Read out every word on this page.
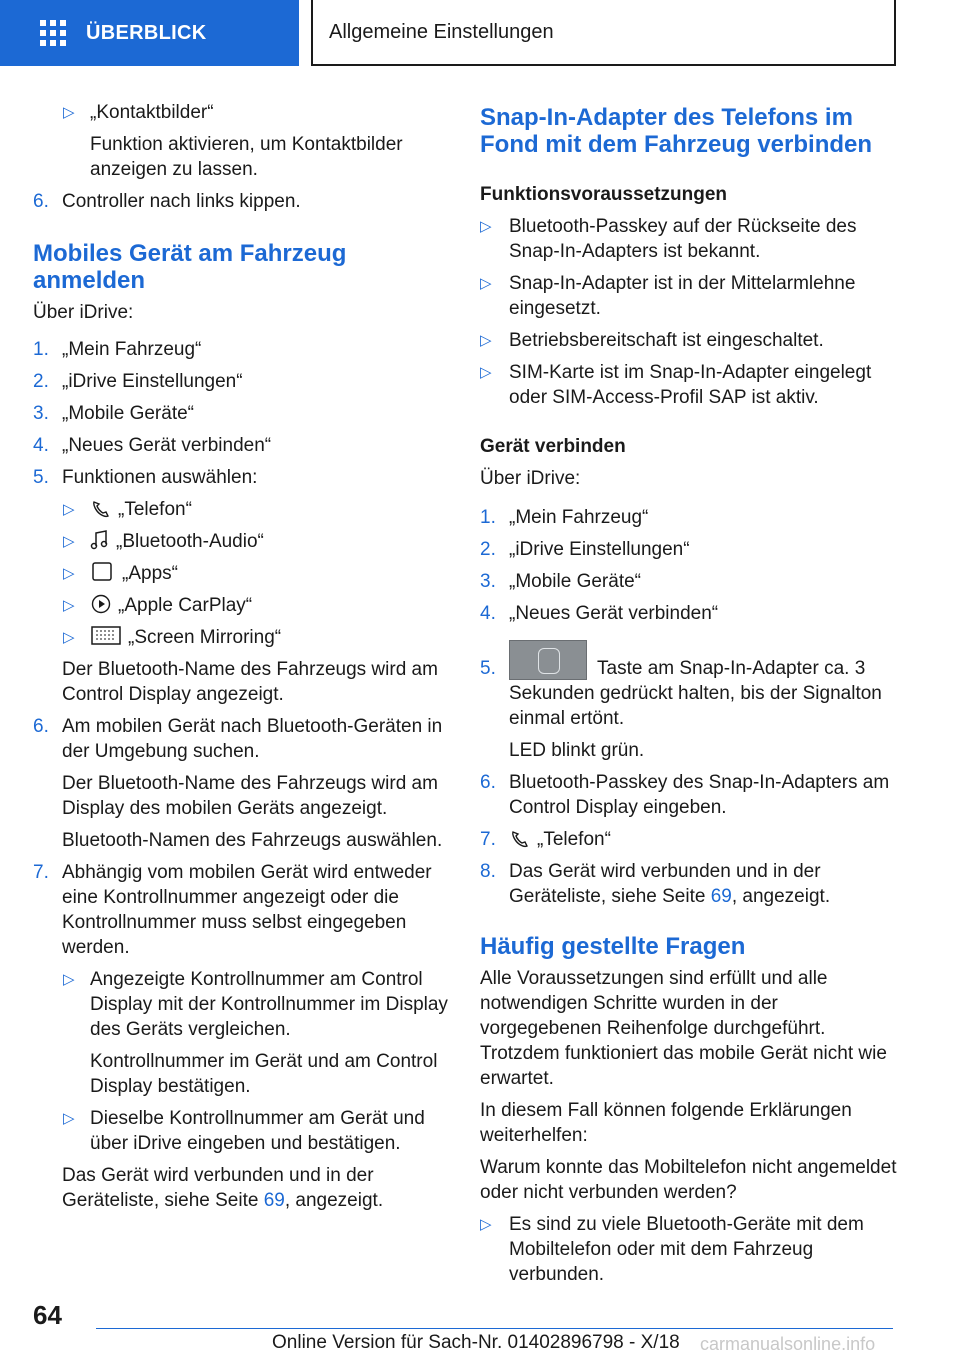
ÜBERBLICK	Allgemeine Einstellungen
▷ „Kontaktbilder“
Funktion aktivieren, um Kontaktbilder anzeigen zu lassen.
6. Controller nach links kippen.
Mobiles Gerät am Fahrzeug anmelden
Über iDrive:
1. „Mein Fahrzeug“
2. „iDrive Einstellungen“
3. „Mobile Geräte“
4. „Neues Gerät verbinden“
5. Funktionen auswählen:
▷ „Telefon“
▷ „Bluetooth-Audio“
▷ „Apps“
▷ „Apple CarPlay“
▷	„Screen Mirroring“
Der Bluetooth-Name des Fahrzeugs wird am Control Display angezeigt.
6. Am mobilen Gerät nach Bluetooth-Geräten in der Umgebung suchen.
Der Bluetooth-Name des Fahrzeugs wird am Display des mobilen Geräts angezeigt.
Bluetooth-Namen des Fahrzeugs auswählen.
7. Abhängig vom mobilen Gerät wird entweder eine Kontrollnummer angezeigt oder die Kontrollnummer muss selbst eingegeben werden.
▷ Angezeigte Kontrollnummer am Control Display mit der Kontrollnummer im Display des Geräts vergleichen.
Kontrollnummer im Gerät und am Control Display bestätigen.
▷ Dieselbe Kontrollnummer am Gerät und über iDrive eingeben und bestätigen.
Das Gerät wird verbunden und in der Geräteliste, siehe Seite 69, angezeigt.
Snap-In-Adapter des Telefons im Fond mit dem Fahrzeug verbinden
Funktionsvoraussetzungen
▷ Bluetooth-Passkey auf der Rückseite des Snap-In-Adapters ist bekannt.
▷ Snap-In-Adapter ist in der Mittelarmlehne eingesetzt.
▷ Betriebsbereitschaft ist eingeschaltet.
▷ SIM-Karte ist im Snap-In-Adapter eingelegt oder SIM-Access-Profil SAP ist aktiv.
Gerät verbinden
Über iDrive:
1. „Mein Fahrzeug“
2. „iDrive Einstellungen“
3. „Mobile Geräte“
4. „Neues Gerät verbinden“
5.	Taste am Snap-In-Adapter ca. 3 Sekunden gedrückt halten, bis der Signalton einmal ertönt.
LED blinkt grün.
6. Bluetooth-Passkey des Snap-In-Adapters am Control Display eingeben.
7.	„Telefon“
8. Das Gerät wird verbunden und in der Geräteliste, siehe Seite 69, angezeigt.
Häufig gestellte Fragen
Alle Voraussetzungen sind erfüllt und alle notwendigen Schritte wurden in der vorgegebenen Reihenfolge durchgeführt. Trotzdem funktioniert das mobile Gerät nicht wie erwartet.
In diesem Fall können folgende Erklärungen weiterhelfen:
Warum konnte das Mobiltelefon nicht angemeldet oder nicht verbunden werden?
▷ Es sind zu viele Bluetooth-Geräte mit dem Mobiltelefon oder mit dem Fahrzeug verbunden.
64
Online Version für Sach-Nr. 01402896798 - X/18 carmanualsonline.info
